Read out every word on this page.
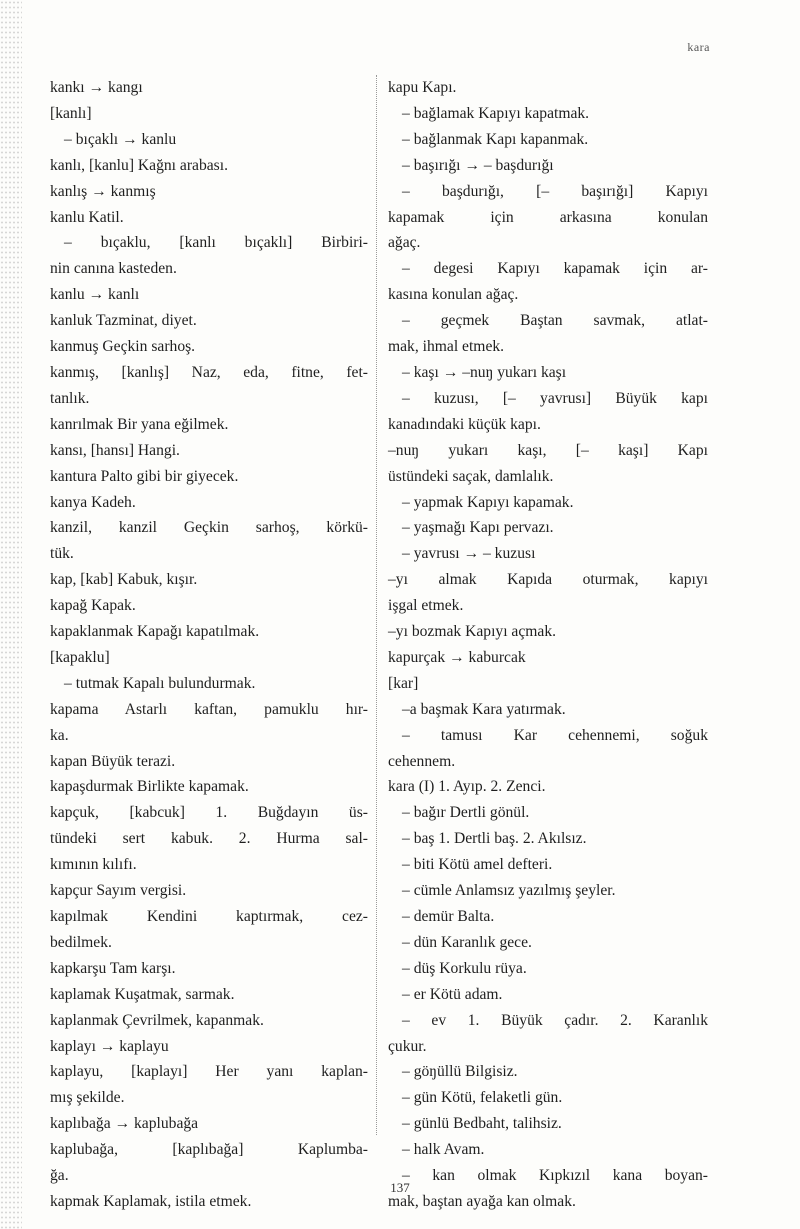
kara
kankı → kangı
[kanlı]
– bıçaklı → kanlu
kanlı, [kanlu] Kağnı arabası.
kanlış → kanmış
kanlu Katil.
– bıçaklu, [kanlı bıçaklı] Birbiri-
nin canına kasteden.
kanlu → kanlı
kanluk Tazminat, diyet.
kanmuş Geçkin sarhoş.
kanmış, [kanlış] Naz, eda, fitne, fet-
tanlık.
kanrılmak Bir yana eğilmek.
kansı, [hansı] Hangi.
kantura Palto gibi bir giyecek.
kanya Kadeh.
kanzil, kanzil Geçkin sarhoş, körkü-
tük.
kap, [kab] Kabuk, kışır.
kapağ Kapak.
kapaklanmak Kapağı kapatılmak.
[kapaklu]
– tutmak Kapalı bulundurmak.
kapama Astarlı kaftan, pamuklu hır-
ka.
kapan Büyük terazi.
kapaşdurmak Birlikte kapamak.
kapçuk, [kabcuk] 1. Buğdayın üs-
tündeki sert kabuk. 2. Hurma sal-
kımının kılıfı.
kapçur Sayım vergisi.
kapılmak Kendini kaptırmak, cez-
bedilmek.
kapkarşu Tam karşı.
kaplamak Kuşatmak, sarmak.
kaplanmak Çevrilmek, kapanmak.
kaplayı → kaplayu
kaplayu, [kaplayı] Her yanı kaplan-
mış şekilde.
kaplıbağa → kaplubağa
kaplubağa, [kaplıbağa] Kaplumba-
ğa.
kapmak Kaplamak, istila etmek.
kapu Kapı.
– bağlamak Kapıyı kapatmak.
– bağlanmak Kapı kapanmak.
– başırığı → – başdurığı
– başdurığı, [– başırığı] Kapıyı
kapamak için arkasına konulan
ağaç.
– degesi Kapıyı kapamak için ar-
kasına konulan ağaç.
– geçmek Baştan savmak, atlat-
mak, ihmal etmek.
– kaşı → –nuŋ yukarı kaşı
– kuzusı, [– yavrusı] Büyük kapı
kanadındaki küçük kapı.
–nuŋ yukarı kaşı, [– kaşı] Kapı
üstündeki saçak, damlalık.
– yapmak Kapıyı kapamak.
– yaşmağı Kapı pervazı.
– yavrusı → – kuzusı
–yı almak Kapıda oturmak, kapıyı
işgal etmek.
–yı bozmak Kapıyı açmak.
kapurçak → kaburcak
[kar]
–a başmak Kara yatırmak.
– tamusı Kar cehennemi, soğuk
cehennem.
kara (I) 1. Ayıp. 2. Zenci.
– bağır Dertli gönül.
– baş 1. Dertli baş. 2. Akılsız.
– biti Kötü amel defteri.
– cümle Anlamsız yazılmış şeyler.
– demür Balta.
– dün Karanlık gece.
– düş Korkulu rüya.
– er Kötü adam.
– ev 1. Büyük çadır. 2. Karanlık
çukur.
– göŋüllü Bilgisiz.
– gün Kötü, felaketli gün.
– günlü Bedbaht, talihsiz.
– halk Avam.
– kan olmak Kıpkızıl kana boyan-
mak, baştan ayağa kan olmak.
137
